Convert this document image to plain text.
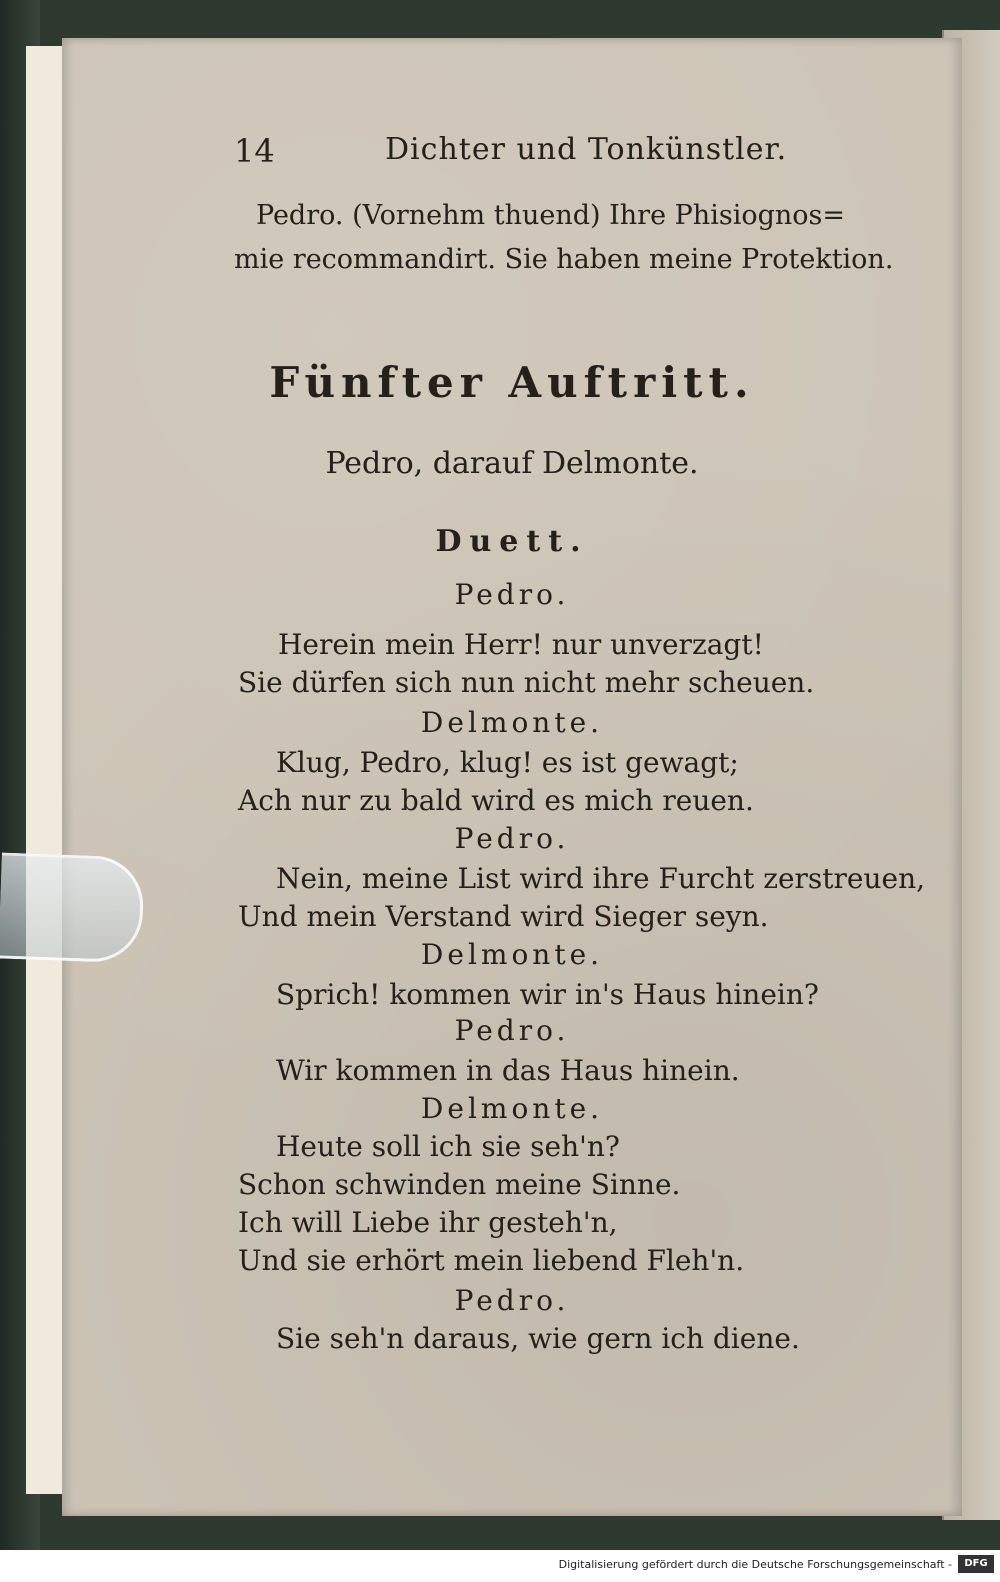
14	Dichter und Tonkünstler.
Pedro. (Vornehm thuend) Ihre Phisiognos=
mie recommandirt. Sie haben meine Protektion.
Fünfter Auftritt.
Pedro, darauf Delmonte.
Duett.
Pedro.
Herein mein Herr! nur unverzagt!
Sie dürfen sich nun nicht mehr scheuen.
Delmonte.
Klug, Pedro, klug! es ist gewagt;
Ach nur zu bald wird es mich reuen.
Pedro.
Nein, meine List wird ihre Furcht zerstreuen,
Und mein Verstand wird Sieger seyn.
Delmonte.
Sprich! kommen wir in's Haus hinein?
Pedro.
Wir kommen in das Haus hinein.
Delmonte.
Heute soll ich sie seh'n?
Schon schwinden meine Sinne.
Ich will Liebe ihr gesteh'n,
Und sie erhört mein liebend Fleh'n.
Pedro.
Sie seh'n daraus, wie gern ich diene.
Digitalisierung gefördert durch die Deutsche Forschungsgemeinschaft -	DFG
